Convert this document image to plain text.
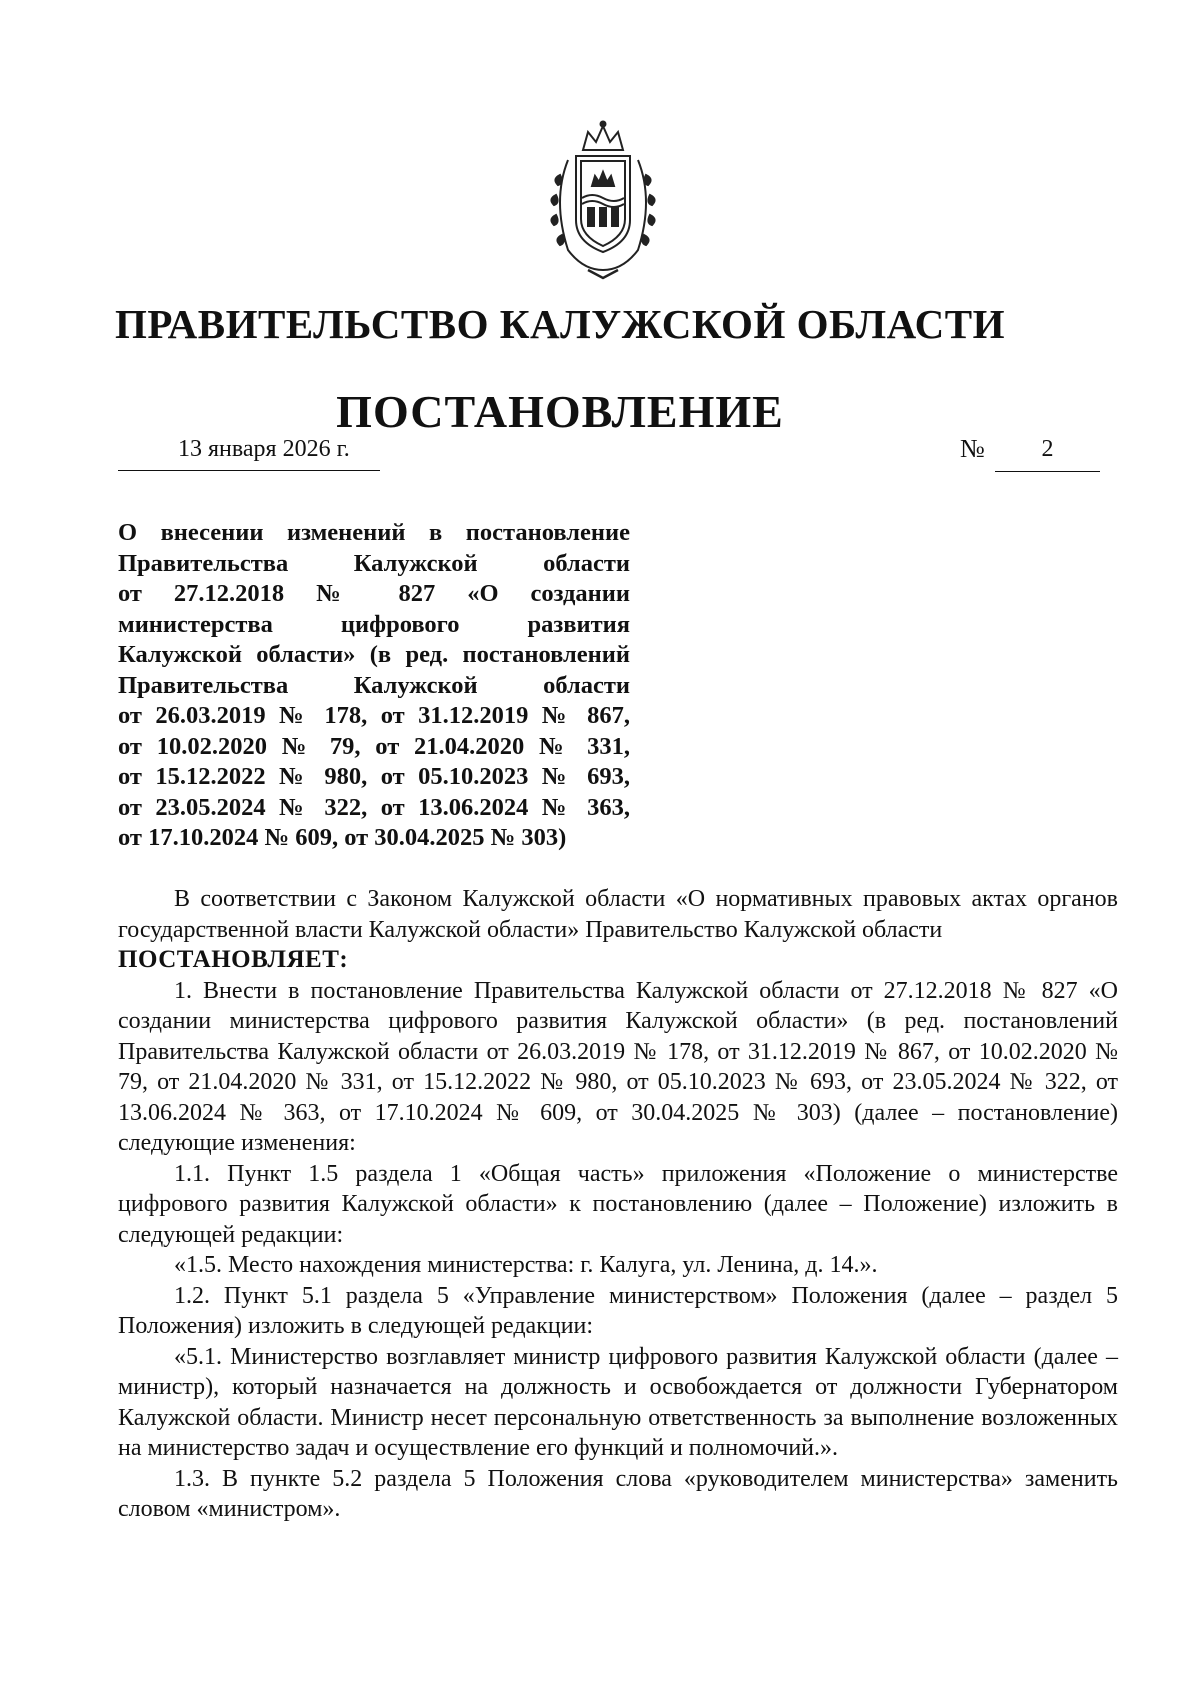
ПРАВИТЕЛЬСТВО КАЛУЖСКОЙ ОБЛАСТИ
ПОСТАНОВЛЕНИЕ
13 января 2026 г.	№	2
О внесении изменений в постановление
Правительства Калужской области
от 27.12.2018 № 827 «О создании
министерства цифрового развития
Калужской области» (в ред. постановлений
Правительства Калужской области
от 26.03.2019 № 178, от 31.12.2019 № 867,
от 10.02.2020 № 79, от 21.04.2020 № 331,
от 15.12.2022 № 980, от 05.10.2023 № 693,
от 23.05.2024 № 322, от 13.06.2024 № 363,
от 17.10.2024 № 609, от 30.04.2025 № 303)

В соответствии с Законом Калужской области «О нормативных правовых актах органов государственной власти Калужской области» Правительство Калужской области

ПОСТАНОВЛЯЕТ:

1. Внести в постановление Правительства Калужской области от 27.12.2018 № 827 «О создании министерства цифрового развития Калужской области» (в ред. постановлений Правительства Калужской области от 26.03.2019 № 178, от 31.12.2019 № 867, от 10.02.2020 № 79, от 21.04.2020 № 331, от 15.12.2022 № 980, от 05.10.2023 № 693, от 23.05.2024 № 322, от 13.06.2024 № 363, от 17.10.2024 № 609, от 30.04.2025 № 303) (далее – постановление) следующие изменения:

1.1. Пункт 1.5 раздела 1 «Общая часть» приложения «Положение о министерстве цифрового развития Калужской области» к постановлению (далее – Положение) изложить в следующей редакции:

«1.5. Место нахождения министерства: г. Калуга, ул. Ленина, д. 14.».

1.2. Пункт 5.1 раздела 5 «Управление министерством» Положения (далее – раздел 5 Положения) изложить в следующей редакции:

«5.1. Министерство возглавляет министр цифрового развития Калужской области (далее – министр), который назначается на должность и освобождается от должности Губернатором Калужской области. Министр несет персональную ответственность за выполнение возложенных на министерство задач и осуществление его функций и полномочий.».

1.3. В пункте 5.2 раздела 5 Положения слова «руководителем министерства» заменить словом «министром».
